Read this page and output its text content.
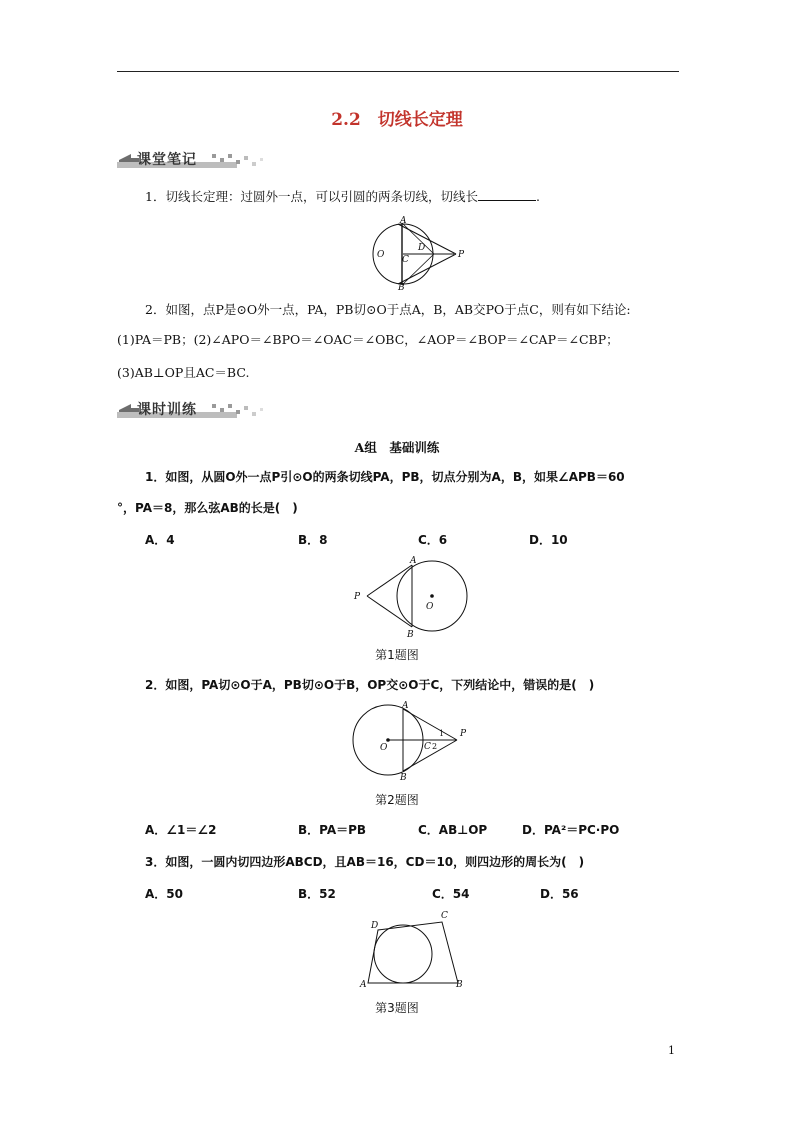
2.2　切线长定理
课堂笔记
1．切线长定理：过圆外一点，可以引圆的两条切线，切线长	.
A
B
O C
D
P
2．如图，点P是⊙O外一点，PA，PB切⊙O于点A，B，AB交PO于点C，则有如下结论:
(1)PA＝PB；(2)∠APO＝∠BPO＝∠OAC＝∠OBC，∠AOP＝∠BOP＝∠CAP＝∠CBP；
(3)AB⊥OP且AC＝BC.
课时训练
A组　基础训练
1．如图，从圆O外一点P引⊙O的两条切线PA，PB，切点分别为A，B，如果∠APB＝60
°，PA＝8，那么弦AB的长是(　)
A．4	B．8	C．6	D．10
A
B
P
O
第1题图
2．如图，PA切⊙O于A，PB切⊙O于B，OP交⊙O于C，下列结论中，错误的是(　)
A
B
P
O	C
1
2
第2题图
A．∠1＝∠2	B．PA＝PB	C．AB⊥OP	D．PA²＝PC·PO
3．如图，一圆内切四边形ABCD，且AB＝16，CD＝10，则四边形的周长为(　)
A．50	B．52	C．54	D．56
D
C
A	B
第3题图
1
